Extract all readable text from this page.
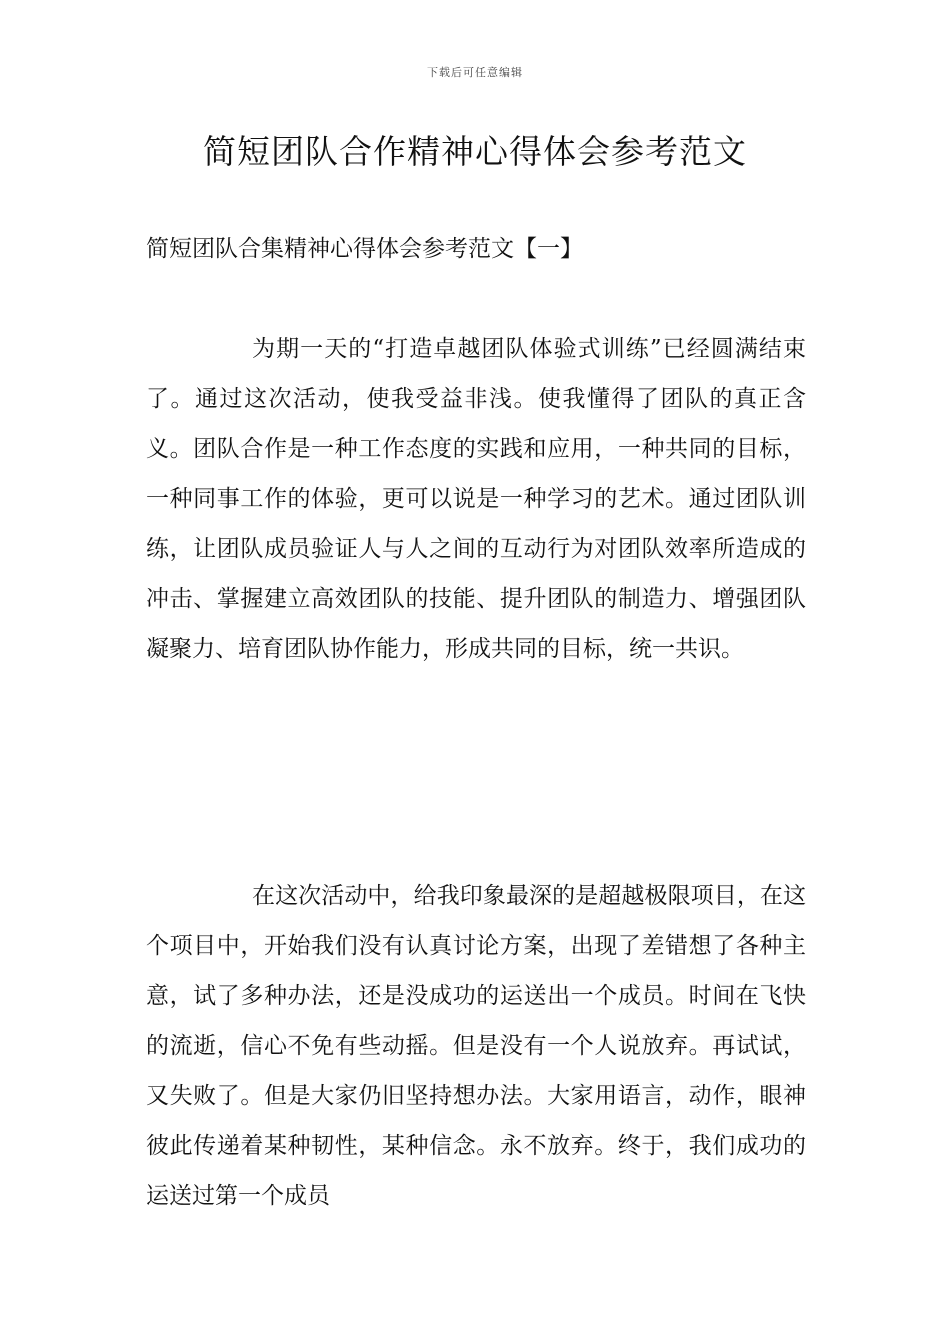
下载后可任意编辑
简短团队合作精神心得体会参考范文
简短团队合集精神心得体会参考范文【一】

为期一天的“打造卓越团队体验式训练”已经圆满结束了。通过这次活动，使我受益非浅。使我懂得了团队的真正含义。团队合作是一种工作态度的实践和应用，一种共同的目标，一种同事工作的体验，更可以说是一种学习的艺术。通过团队训练，让团队成员验证人与人之间的互动行为对团队效率所造成的冲击、掌握建立高效团队的技能、提升团队的制造力、增强团队凝聚力、培育团队协作能力，形成共同的目标，统一共识。

在这次活动中，给我印象最深的是超越极限项目，在这个项目中，开始我们没有认真讨论方案，出现了差错想了各种主意，试了多种办法，还是没成功的运送出一个成员。时间在飞快的流逝，信心不免有些动摇。但是没有一个人说放弃。再试试，又失败了。但是大家仍旧坚持想办法。大家用语言，动作，眼神彼此传递着某种韧性，某种信念。永不放弃。终于，我们成功的运送过第一个成员
